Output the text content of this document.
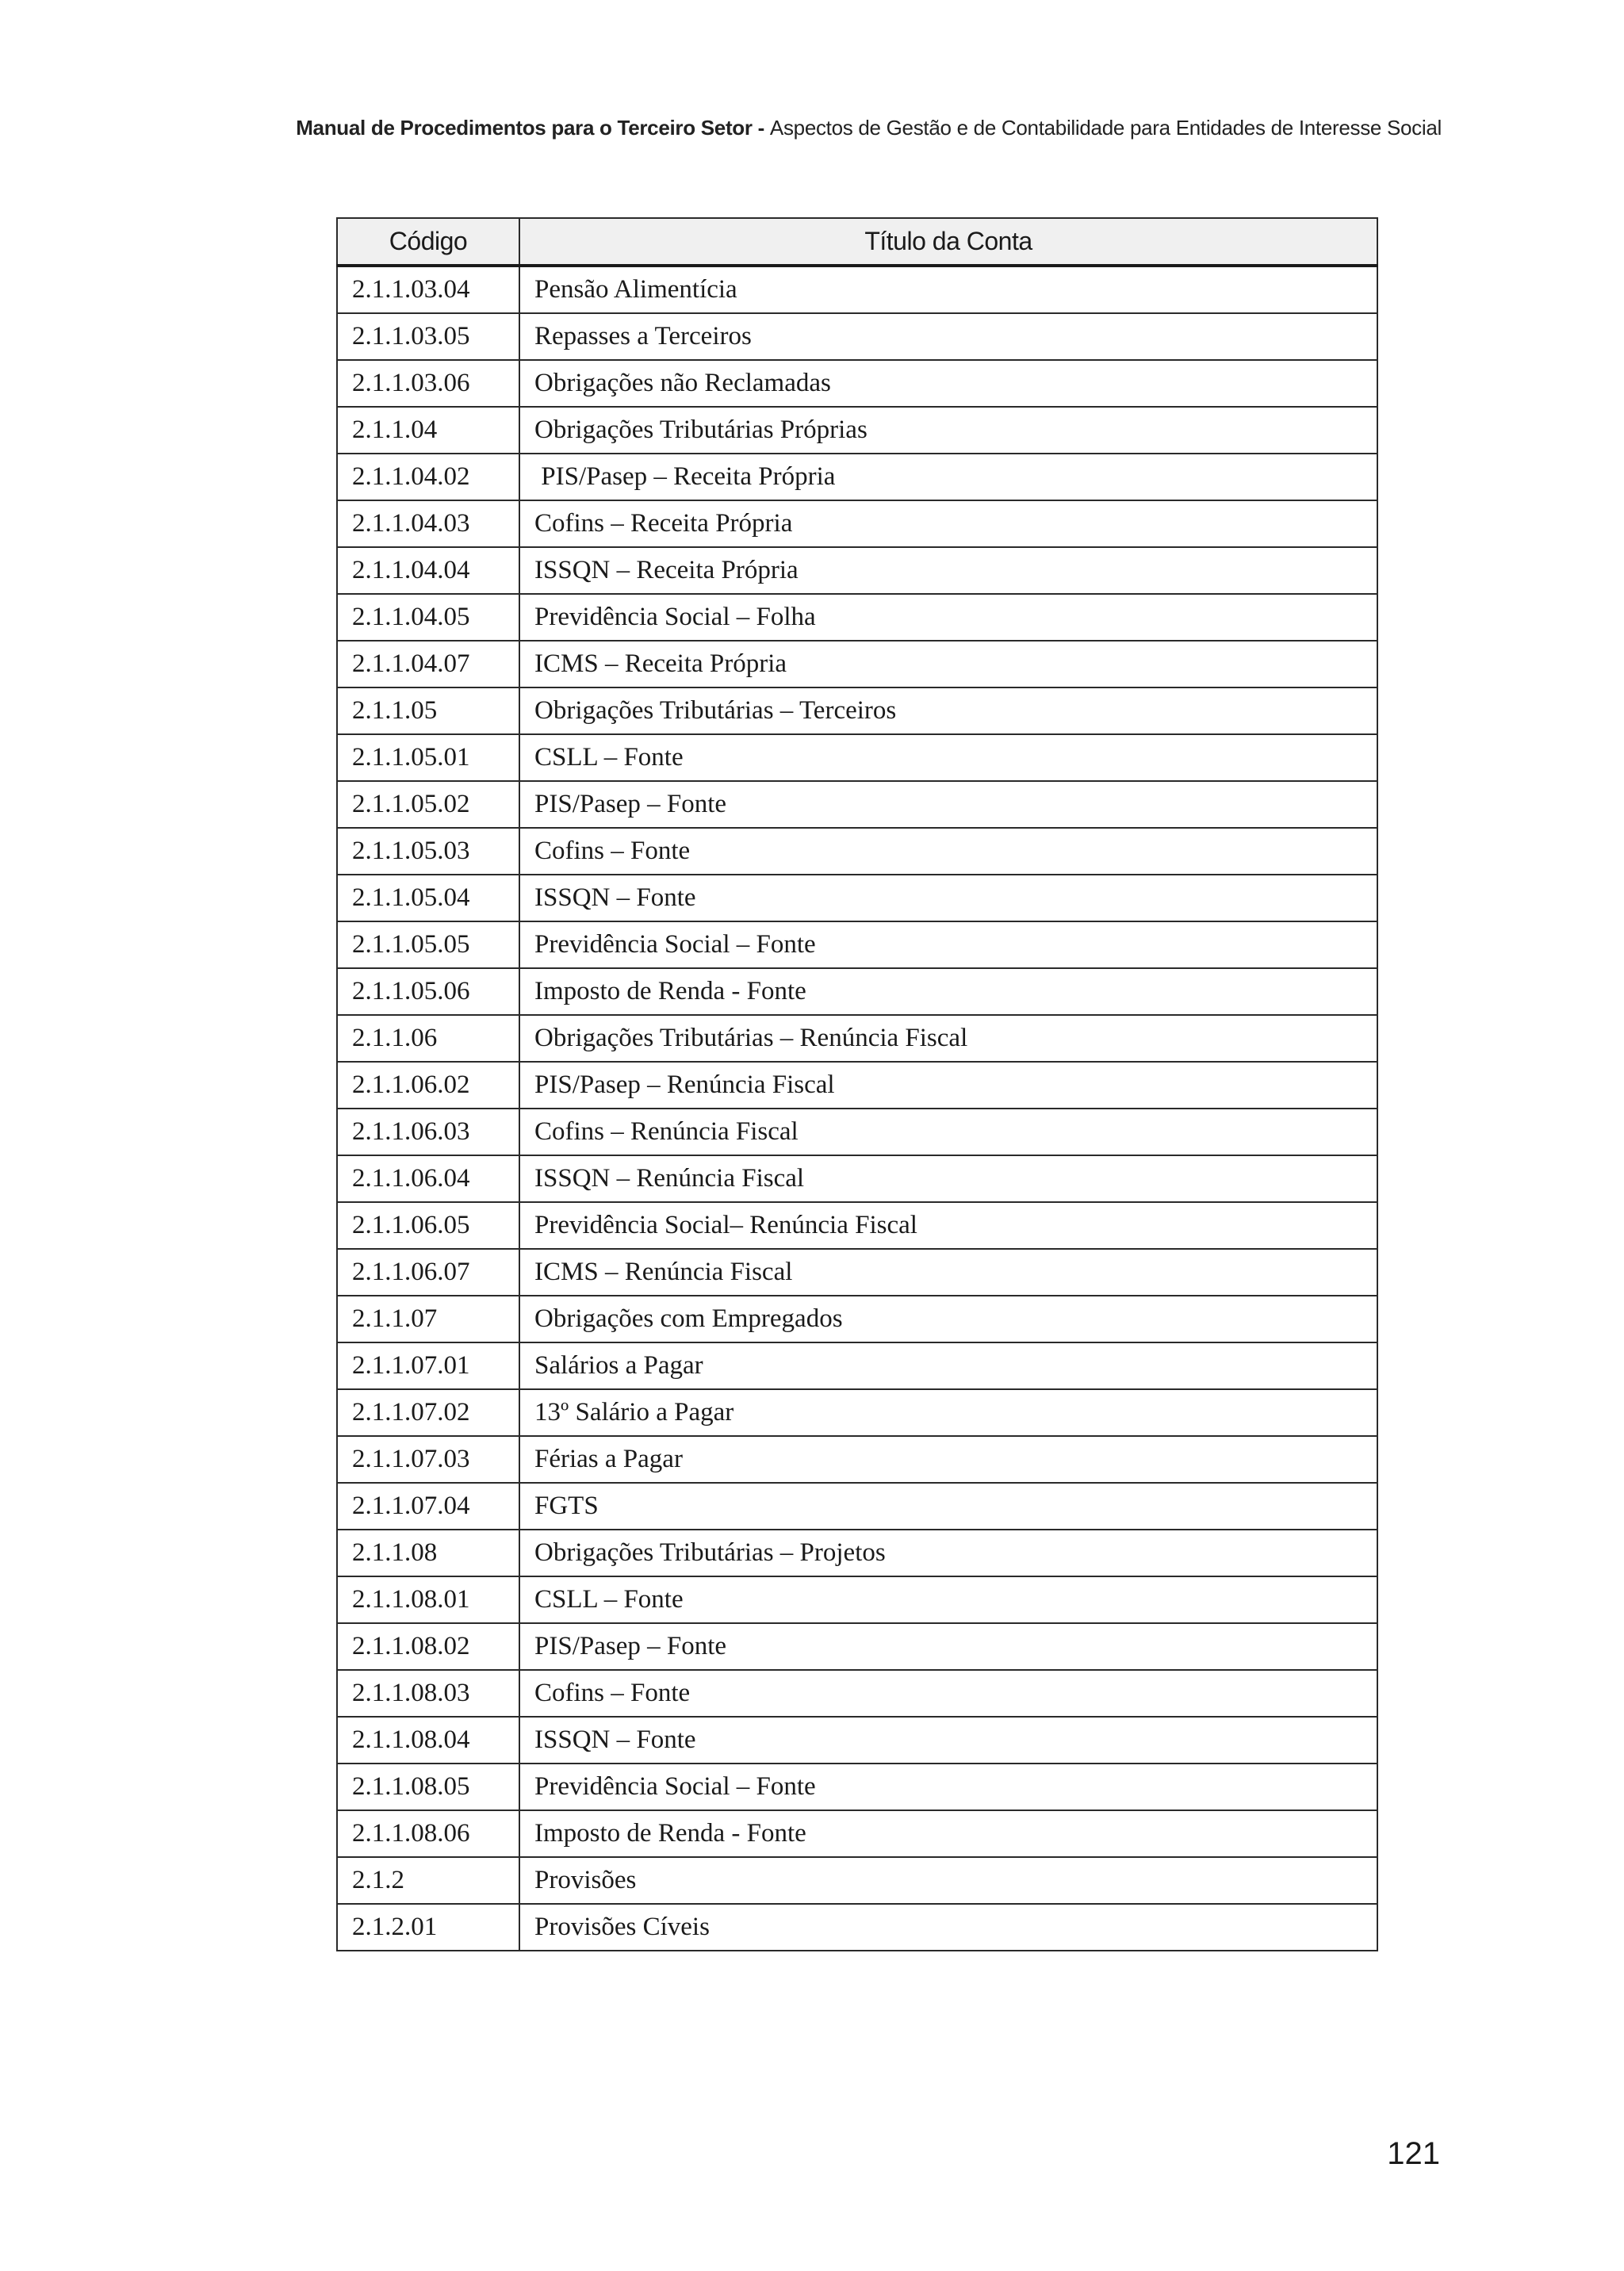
Manual de Procedimentos para o Terceiro Setor - Aspectos de Gestão e de Contabilidade para Entidades de Interesse Social
Código	Título da Conta
2.1.1.03.04	Pensão Alimentícia
2.1.1.03.05	Repasses a Terceiros
2.1.1.03.06	Obrigações não Reclamadas
2.1.1.04	Obrigações Tributárias Próprias
2.1.1.04.02	PIS/Pasep – Receita Própria
2.1.1.04.03	Cofins – Receita Própria
2.1.1.04.04	ISSQN – Receita Própria
2.1.1.04.05	Previdência Social – Folha
2.1.1.04.07	ICMS – Receita Própria
2.1.1.05	Obrigações Tributárias – Terceiros
2.1.1.05.01	CSLL – Fonte
2.1.1.05.02	PIS/Pasep – Fonte
2.1.1.05.03	Cofins – Fonte
2.1.1.05.04	ISSQN – Fonte
2.1.1.05.05	Previdência Social – Fonte
2.1.1.05.06	Imposto de Renda - Fonte
2.1.1.06	Obrigações Tributárias – Renúncia Fiscal
2.1.1.06.02	PIS/Pasep – Renúncia Fiscal
2.1.1.06.03	Cofins – Renúncia Fiscal
2.1.1.06.04	ISSQN – Renúncia Fiscal
2.1.1.06.05	Previdência Social– Renúncia Fiscal
2.1.1.06.07	ICMS – Renúncia Fiscal
2.1.1.07	Obrigações com Empregados
2.1.1.07.01	Salários a Pagar
2.1.1.07.02	13º Salário a Pagar
2.1.1.07.03	Férias a Pagar
2.1.1.07.04	FGTS
2.1.1.08	Obrigações Tributárias – Projetos
2.1.1.08.01	CSLL – Fonte
2.1.1.08.02	PIS/Pasep – Fonte
2.1.1.08.03	Cofins – Fonte
2.1.1.08.04	ISSQN – Fonte
2.1.1.08.05	Previdência Social – Fonte
2.1.1.08.06	Imposto de Renda - Fonte
2.1.2	Provisões
2.1.2.01	Provisões Cíveis
121
